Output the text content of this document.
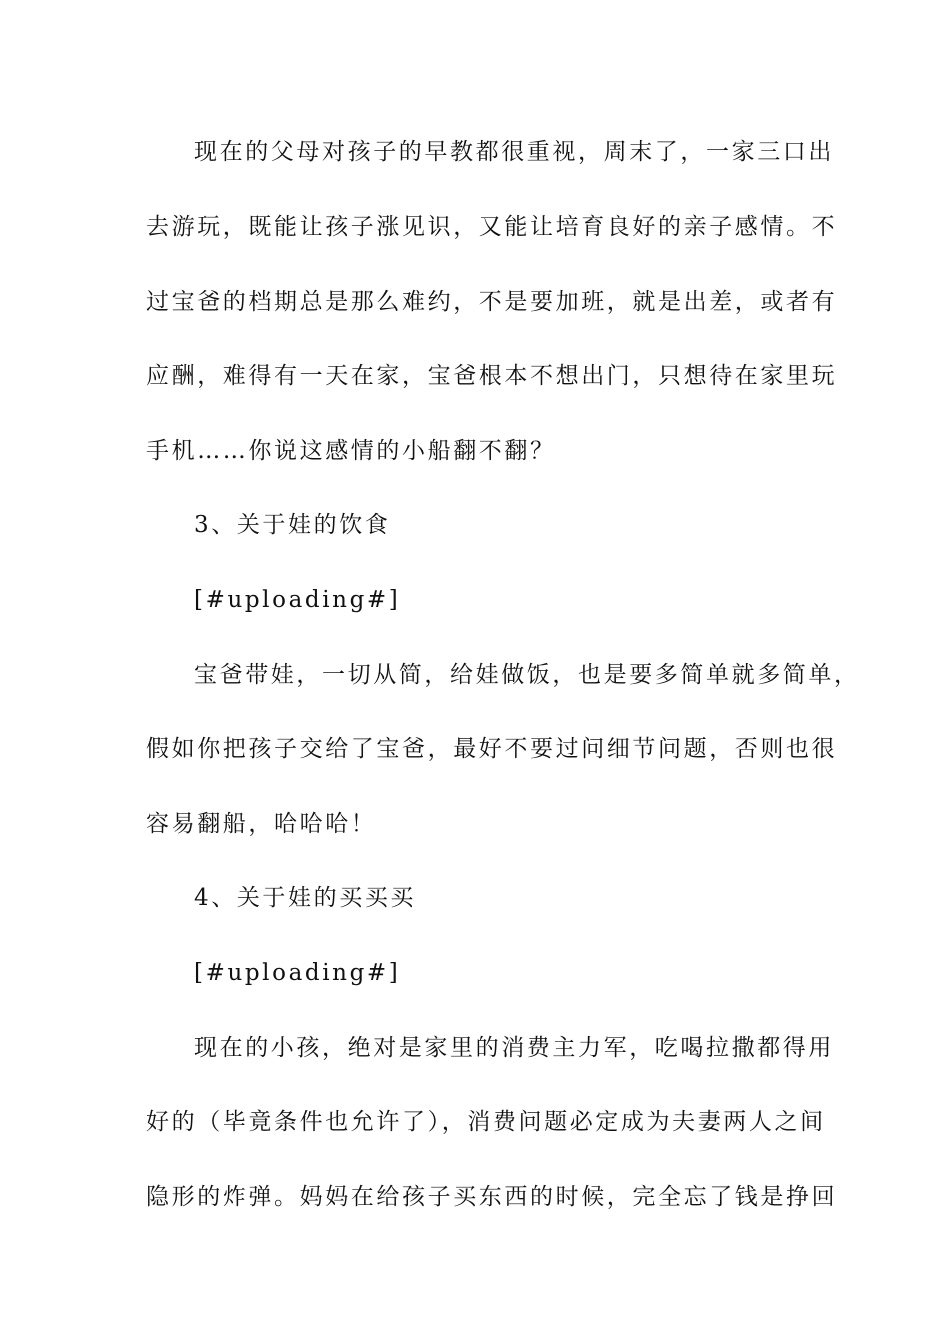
现在的父母对孩子的早教都很重视，周末了，一家三口出
去游玩，既能让孩子涨见识，又能让培育良好的亲子感情。不
过宝爸的档期总是那么难约，不是要加班，就是出差，或者有
应酬，难得有一天在家，宝爸根本不想出门，只想待在家里玩
手机……你说这感情的小船翻不翻？
3、关于娃的饮食
[#uploading#]
宝爸带娃，一切从简，给娃做饭，也是要多简单就多简单，
假如你把孩子交给了宝爸，最好不要过问细节问题，否则也很
容易翻船，哈哈哈！
4、关于娃的买买买
[#uploading#]
现在的小孩，绝对是家里的消费主力军，吃喝拉撒都得用
好的（毕竟条件也允许了），消费问题必定成为夫妻两人之间
隐形的炸弹。妈妈在给孩子买东西的时候，完全忘了钱是挣回
